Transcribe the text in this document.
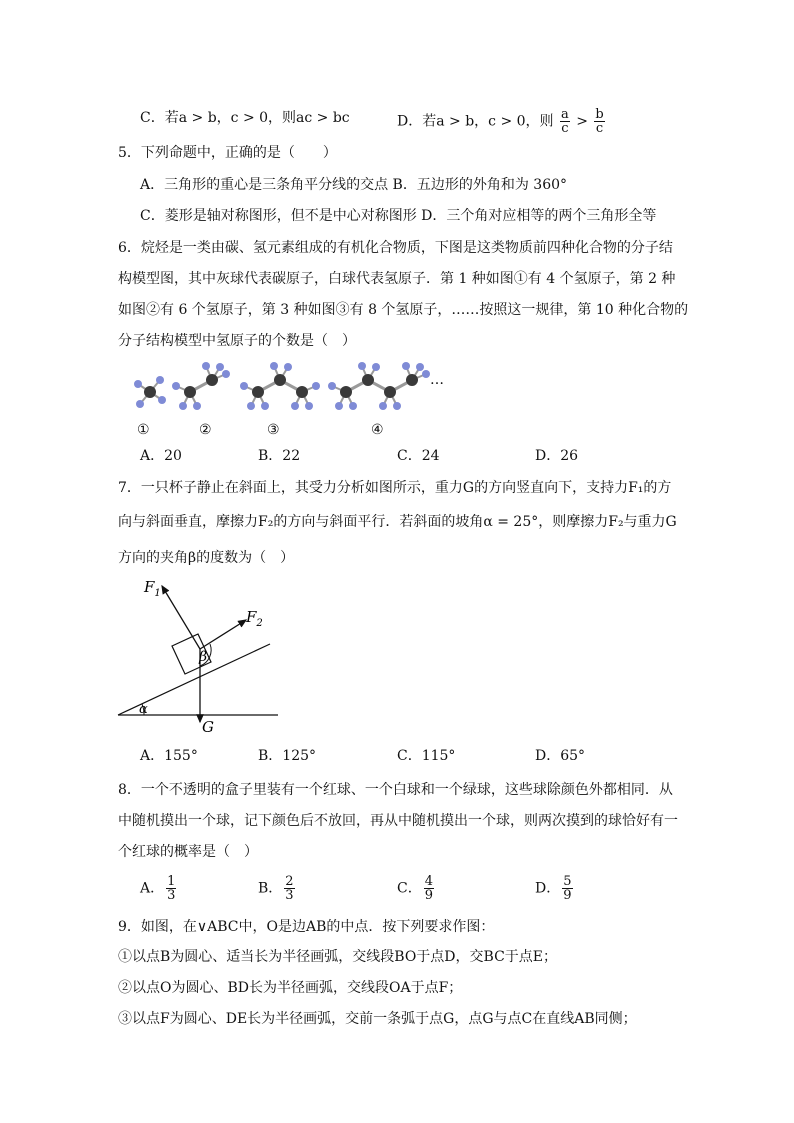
C．若a > b，c > 0，则ac > bc	D．若a > b，c > 0，则 $\frac{a}{c} > \frac{b}{c}$
5．下列命题中，正确的是（　　）
A．三角形的重心是三条角平分线的交点 B．五边形的外角和为 360°
C．菱形是轴对称图形，但不是中心对称图形 D．三个角对应相等的两个三角形全等
6．烷烃是一类由碳、氢元素组成的有机化合物质，下图是这类物质前四种化合物的分子结
构模型图，其中灰球代表碳原子，白球代表氢原子．第 1 种如图①有 4 个氢原子，第 2 种
如图②有 6 个氢原子，第 3 种如图③有 8 个氢原子，……按照这一规律，第 10 种化合物的
分子结构模型中氢原子的个数是（　）
①	②	③	④
…
A．20	B．22	C．24	D．26
7．一只杯子静止在斜面上，其受力分析如图所示，重力G的方向竖直向下，支持力F₁的方
向与斜面垂直，摩擦力F₂的方向与斜面平行．若斜面的坡角α = 25°，则摩擦力F₂与重力G
方向的夹角β的度数为（　）
$F_1$
$F_2$
β
α
G
A．155°	B．125°	C．115°	D．65°
8．一个不透明的盒子里装有一个红球、一个白球和一个绿球，这些球除颜色外都相同．从
中随机摸出一个球，记下颜色后不放回，再从中随机摸出一个球，则两次摸到的球恰好有一
个红球的概率是（　）
A． $\frac{1}{3}$	B． $\frac{2}{3}$	C． $\frac{4}{9}$	D． $\frac{5}{9}$
9．如图，在∨ABC中，O是边AB的中点．按下列要求作图：
①以点B为圆心、适当长为半径画弧，交线段BO于点D，交BC于点E；
②以点O为圆心、BD长为半径画弧，交线段OA于点F；
③以点F为圆心、DE长为半径画弧，交前一条弧于点G，点G与点C在直线AB同侧；
